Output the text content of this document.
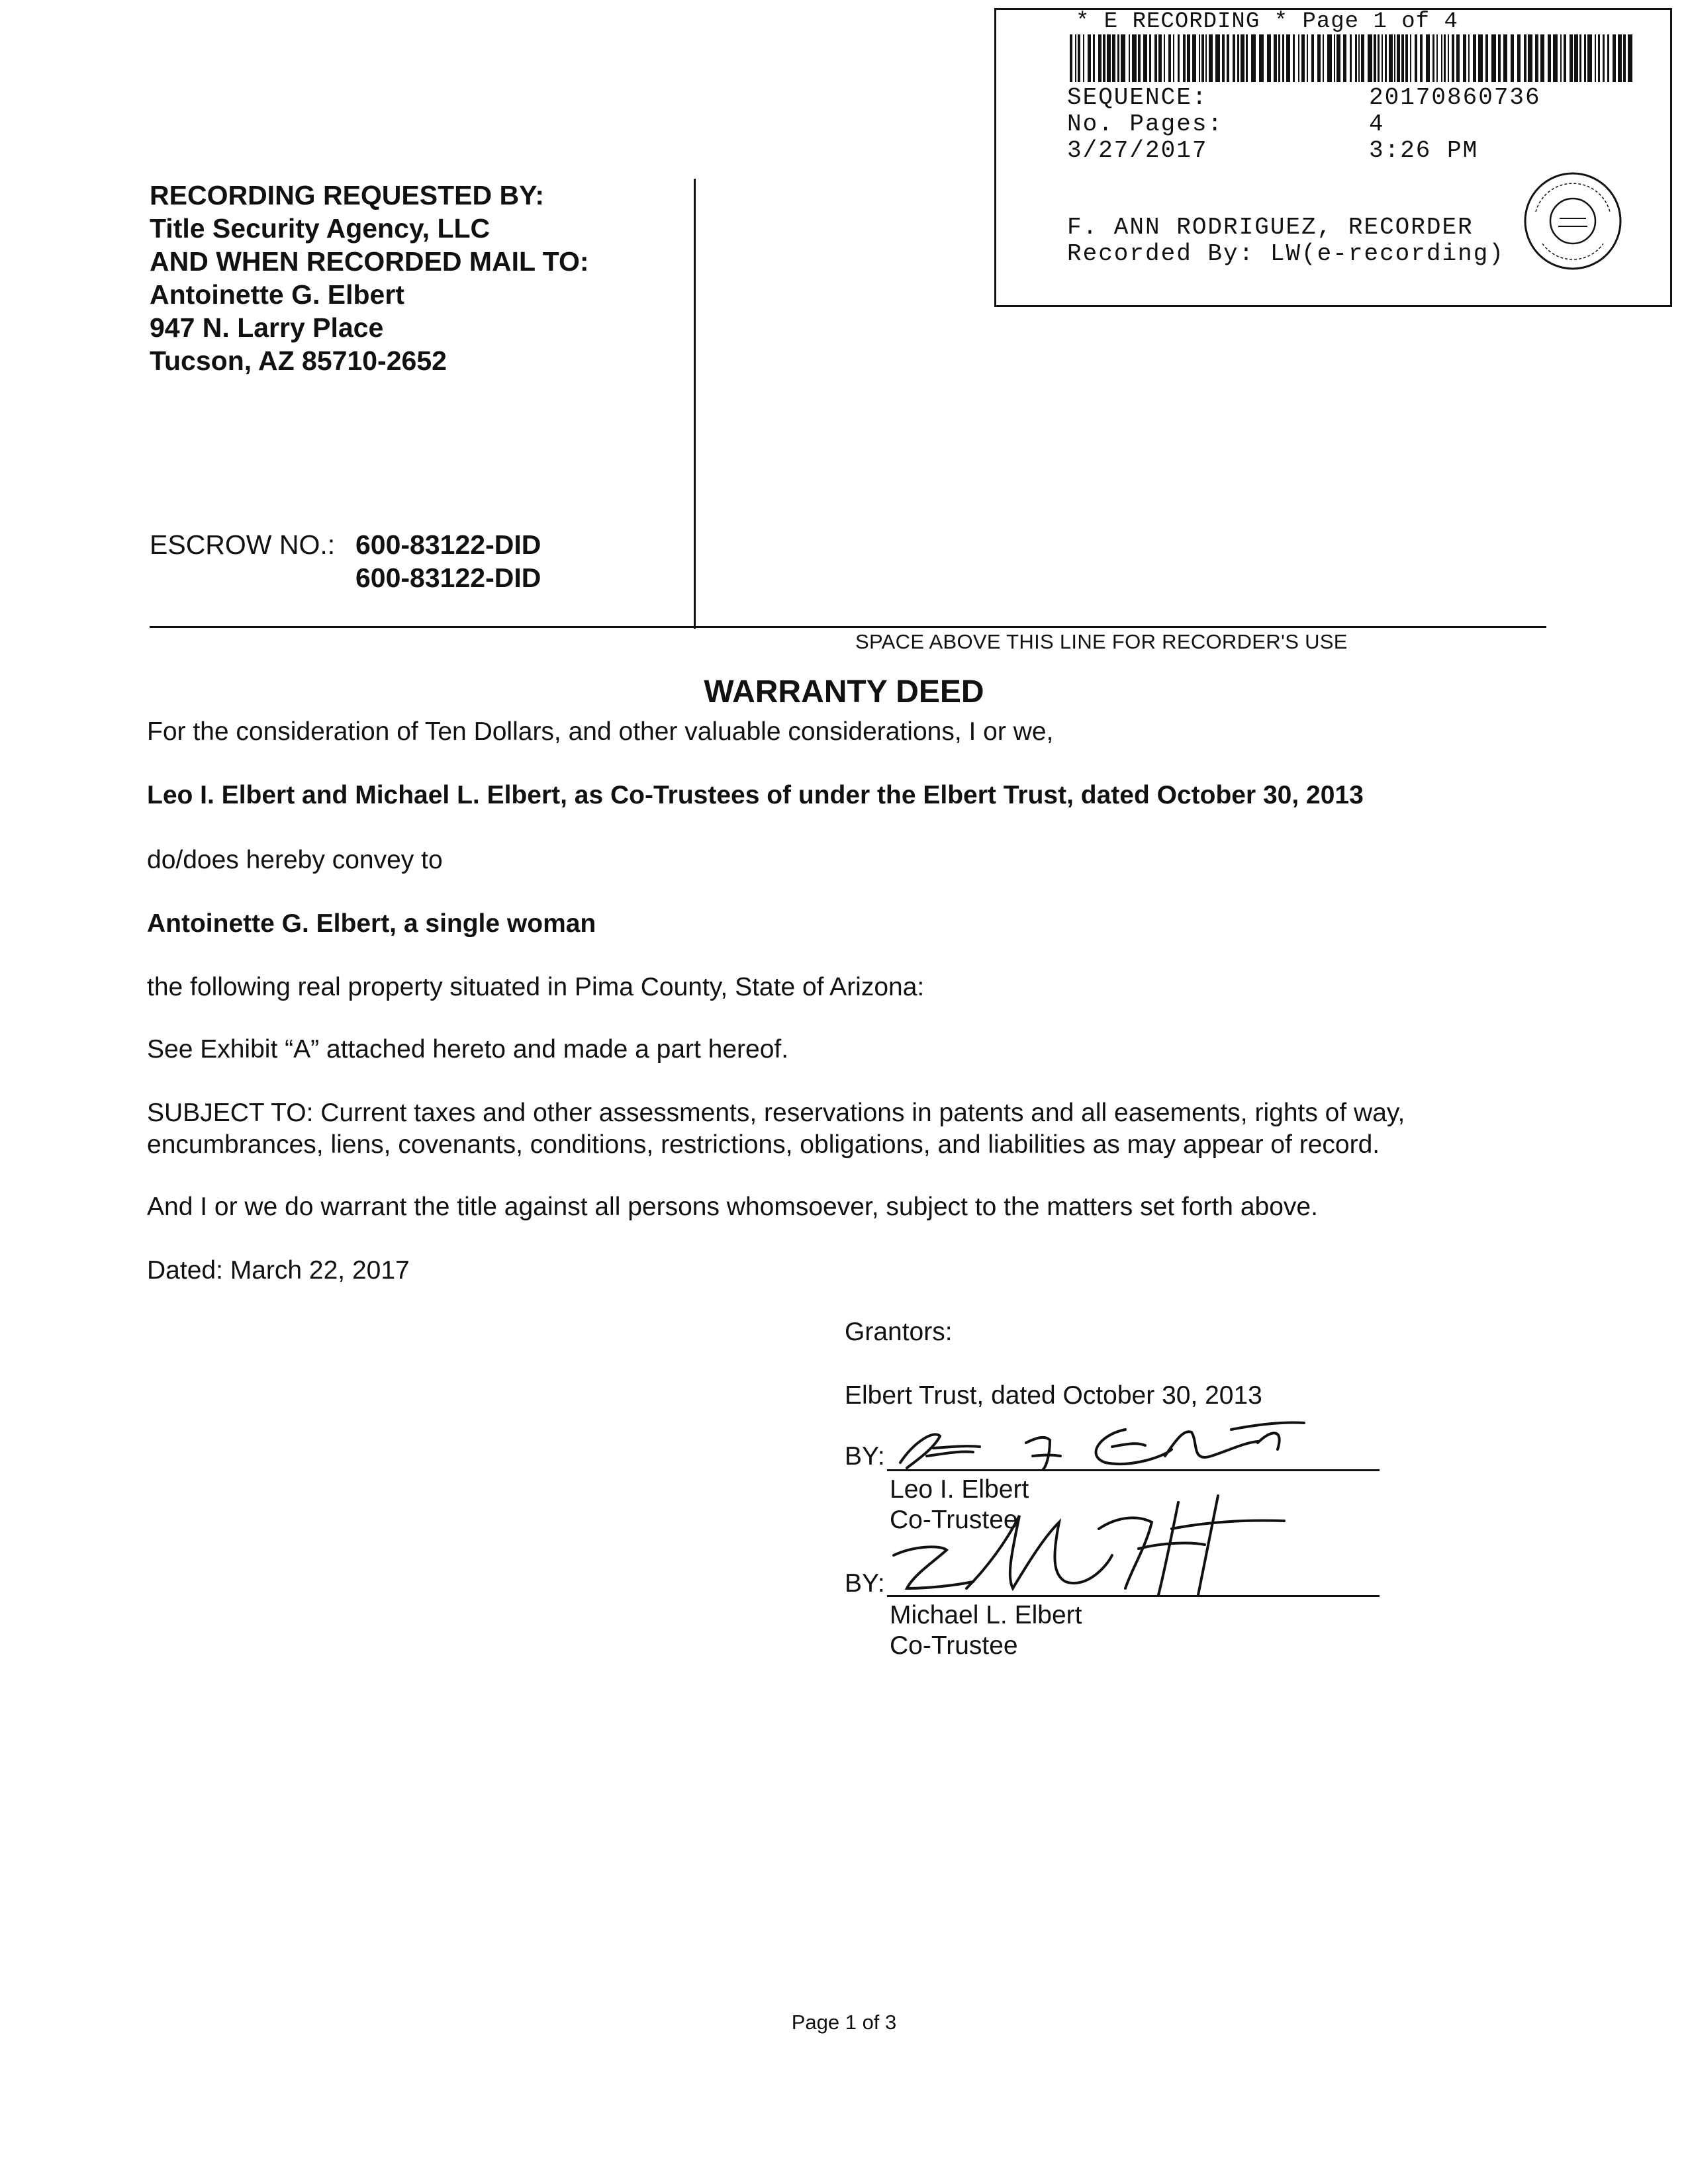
* E RECORDING * Page 1 of 4
SEQUENCE:	20170860736
No. Pages:	4
3/27/2017	3:26 PM
F. ANN RODRIGUEZ, RECORDER
Recorded By: LW(e-recording)
RECORDING REQUESTED BY:
Title Security Agency, LLC
AND WHEN RECORDED MAIL TO:
Antoinette G. Elbert
947 N. Larry Place
Tucson, AZ 85710-2652
ESCROW NO.: 600-83122-DID
600-83122-DID
SPACE ABOVE THIS LINE FOR RECORDER'S USE
WARRANTY DEED
For the consideration of Ten Dollars, and other valuable considerations, I or we,
Leo I. Elbert and Michael L. Elbert, as Co-Trustees of under the Elbert Trust, dated October 30, 2013
do/does hereby convey to
Antoinette G. Elbert, a single woman
the following real property situated in Pima County, State of Arizona:
See Exhibit “A” attached hereto and made a part hereof.
SUBJECT TO: Current taxes and other assessments, reservations in patents and all easements, rights of way,
encumbrances, liens, covenants, conditions, restrictions, obligations, and liabilities as may appear of record.
And I or we do warrant the title against all persons whomsoever, subject to the matters set forth above.
Dated: March 22, 2017
Grantors:
Elbert Trust, dated October 30, 2013
BY:
Leo I. Elbert
Co-Trustee
BY:
Michael L. Elbert
Co-Trustee
Page 1 of 3
